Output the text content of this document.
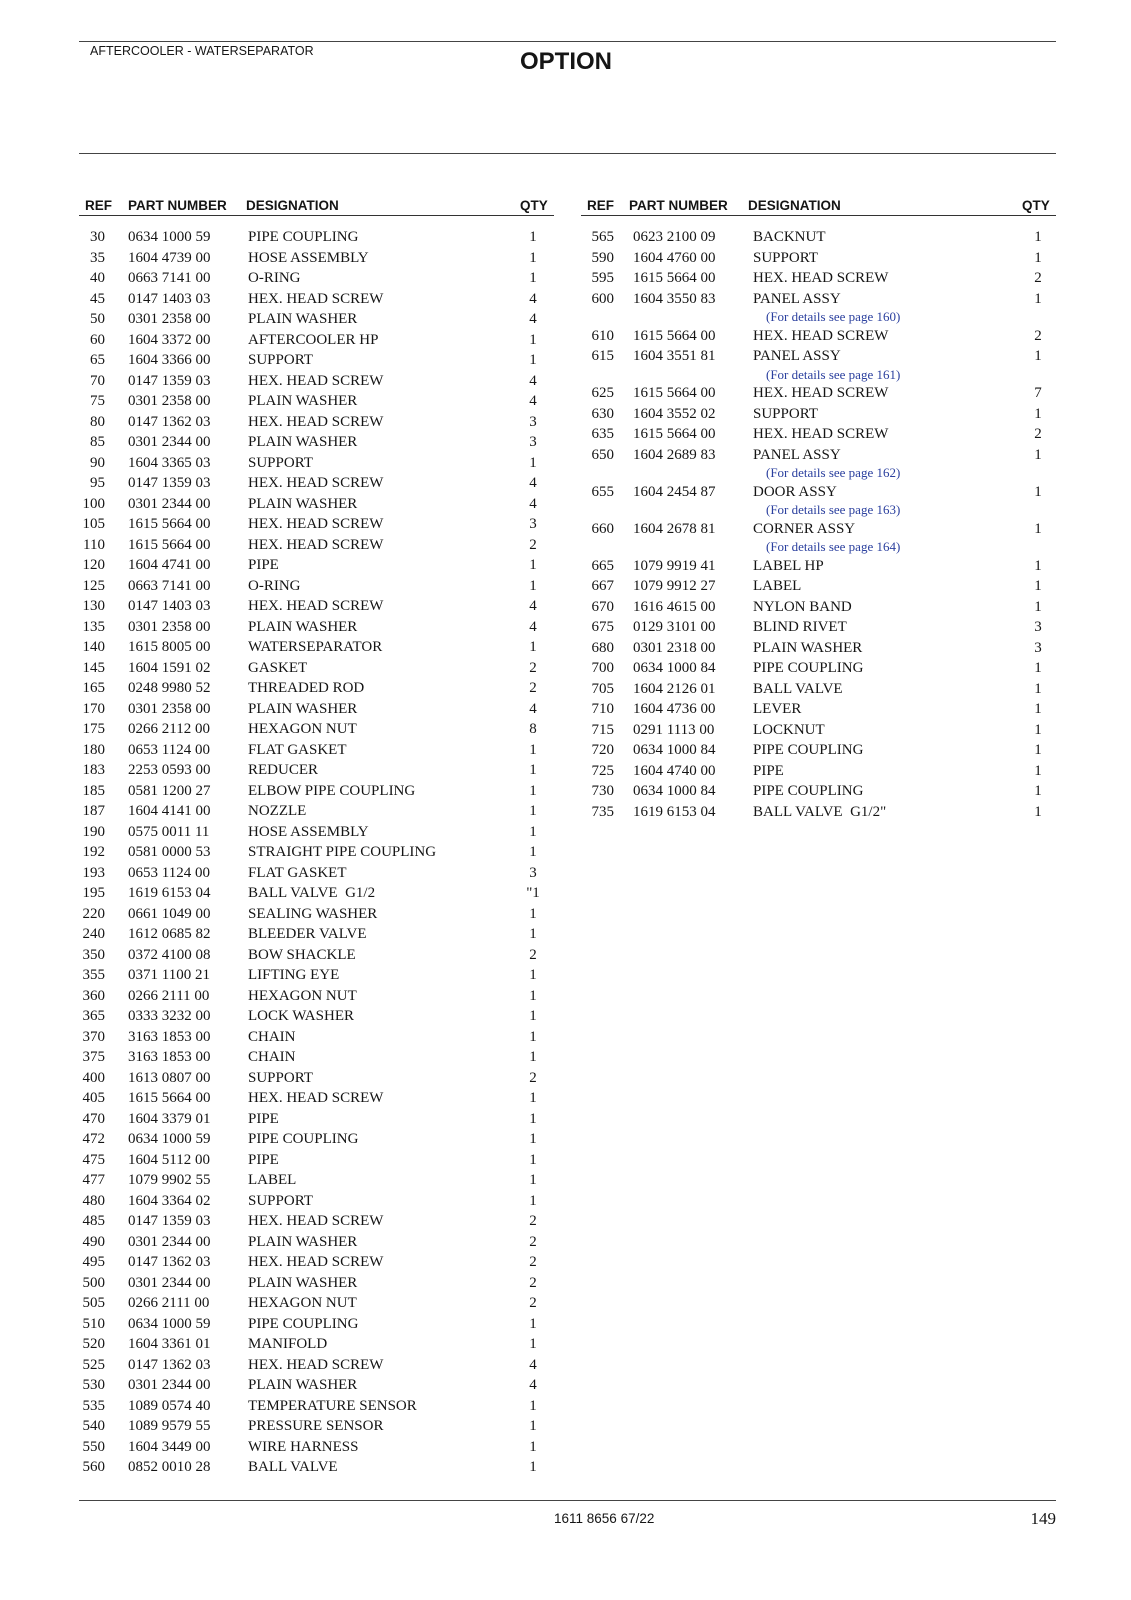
AFTERCOOLER - WATERSEPARATOR	OPTION
REF PART NUMBER DESIGNATION	QTY
30 0634 1000 59	PIPE COUPLING	1
35 1604 4739 00	HOSE ASSEMBLY	1
40 0663 7141 00	O-RING	1
45 0147 1403 03	HEX. HEAD SCREW	4
50 0301 2358 00	PLAIN WASHER	4
60 1604 3372 00	AFTERCOOLER HP	1
65 1604 3366 00	SUPPORT	1
70 0147 1359 03	HEX. HEAD SCREW	4
75 0301 2358 00	PLAIN WASHER	4
80 0147 1362 03	HEX. HEAD SCREW	3
85 0301 2344 00	PLAIN WASHER	3
90 1604 3365 03	SUPPORT	1
95 0147 1359 03	HEX. HEAD SCREW	4
100 0301 2344 00	PLAIN WASHER	4
105 1615 5664 00	HEX. HEAD SCREW	3
110 1615 5664 00	HEX. HEAD SCREW	2
120 1604 4741 00	PIPE	1
125 0663 7141 00	O-RING	1
130 0147 1403 03	HEX. HEAD SCREW	4
135 0301 2358 00	PLAIN WASHER	4
140 1615 8005 00	WATERSEPARATOR	1
145 1604 1591 02	GASKET	2
165 0248 9980 52	THREADED ROD	2
170 0301 2358 00	PLAIN WASHER	4
175 0266 2112 00	HEXAGON NUT	8
180 0653 1124 00	FLAT GASKET	1
183 2253 0593 00	REDUCER	1
185 0581 1200 27	ELBOW PIPE COUPLING	1
187 1604 4141 00	NOZZLE	1
190 0575 0011 11	HOSE ASSEMBLY	1
192 0581 0000 53	STRAIGHT PIPE COUPLING	1
193 0653 1124 00	FLAT GASKET	3
195 1619 6153 04	BALL VALVE  G1/2	"1
220 0661 1049 00	SEALING WASHER	1
240 1612 0685 82	BLEEDER VALVE	1
350 0372 4100 08	BOW SHACKLE	2
355 0371 1100 21	LIFTING EYE	1
360 0266 2111 00	HEXAGON NUT	1
365 0333 3232 00	LOCK WASHER	1
370 3163 1853 00	CHAIN	1
375 3163 1853 00	CHAIN	1
400 1613 0807 00	SUPPORT	2
405 1615 5664 00	HEX. HEAD SCREW	1
470 1604 3379 01	PIPE	1
472 0634 1000 59	PIPE COUPLING	1
475 1604 5112 00	PIPE	1
477 1079 9902 55	LABEL	1
480 1604 3364 02	SUPPORT	1
485 0147 1359 03	HEX. HEAD SCREW	2
490 0301 2344 00	PLAIN WASHER	2
495 0147 1362 03	HEX. HEAD SCREW	2
500 0301 2344 00	PLAIN WASHER	2
505 0266 2111 00	HEXAGON NUT	2
510 0634 1000 59	PIPE COUPLING	1
520 1604 3361 01	MANIFOLD	1
525 0147 1362 03	HEX. HEAD SCREW	4
530 0301 2344 00	PLAIN WASHER	4
535 1089 0574 40	TEMPERATURE SENSOR	1
540 1089 9579 55	PRESSURE SENSOR	1
550 1604 3449 00	WIRE HARNESS	1
560 0852 0010 28	BALL VALVE	1
REF PART NUMBER DESIGNATION	QTY
565 0623 2100 09	BACKNUT	1
590 1604 4760 00	SUPPORT	1
595 1615 5664 00	HEX. HEAD SCREW	2
600 1604 3550 83	PANEL ASSY	1
(For details see page 160)
610 1615 5664 00	HEX. HEAD SCREW	2
615 1604 3551 81	PANEL ASSY	1
(For details see page 161)
625 1615 5664 00	HEX. HEAD SCREW	7
630 1604 3552 02	SUPPORT	1
635 1615 5664 00	HEX. HEAD SCREW	2
650 1604 2689 83	PANEL ASSY	1
(For details see page 162)
655 1604 2454 87	DOOR ASSY	1
(For details see page 163)
660 1604 2678 81	CORNER ASSY	1
(For details see page 164)
665 1079 9919 41	LABEL HP	1
667 1079 9912 27	LABEL	1
670 1616 4615 00	NYLON BAND	1
675 0129 3101 00	BLIND RIVET	3
680 0301 2318 00	PLAIN WASHER	3
700 0634 1000 84	PIPE COUPLING	1
705 1604 2126 01	BALL VALVE	1
710 1604 4736 00	LEVER	1
715 0291 1113 00	LOCKNUT	1
720 0634 1000 84	PIPE COUPLING	1
725 1604 4740 00	PIPE	1
730 0634 1000 84	PIPE COUPLING	1
735 1619 6153 04	BALL VALVE  G1/2"	1
1611 8656 67/22	149
